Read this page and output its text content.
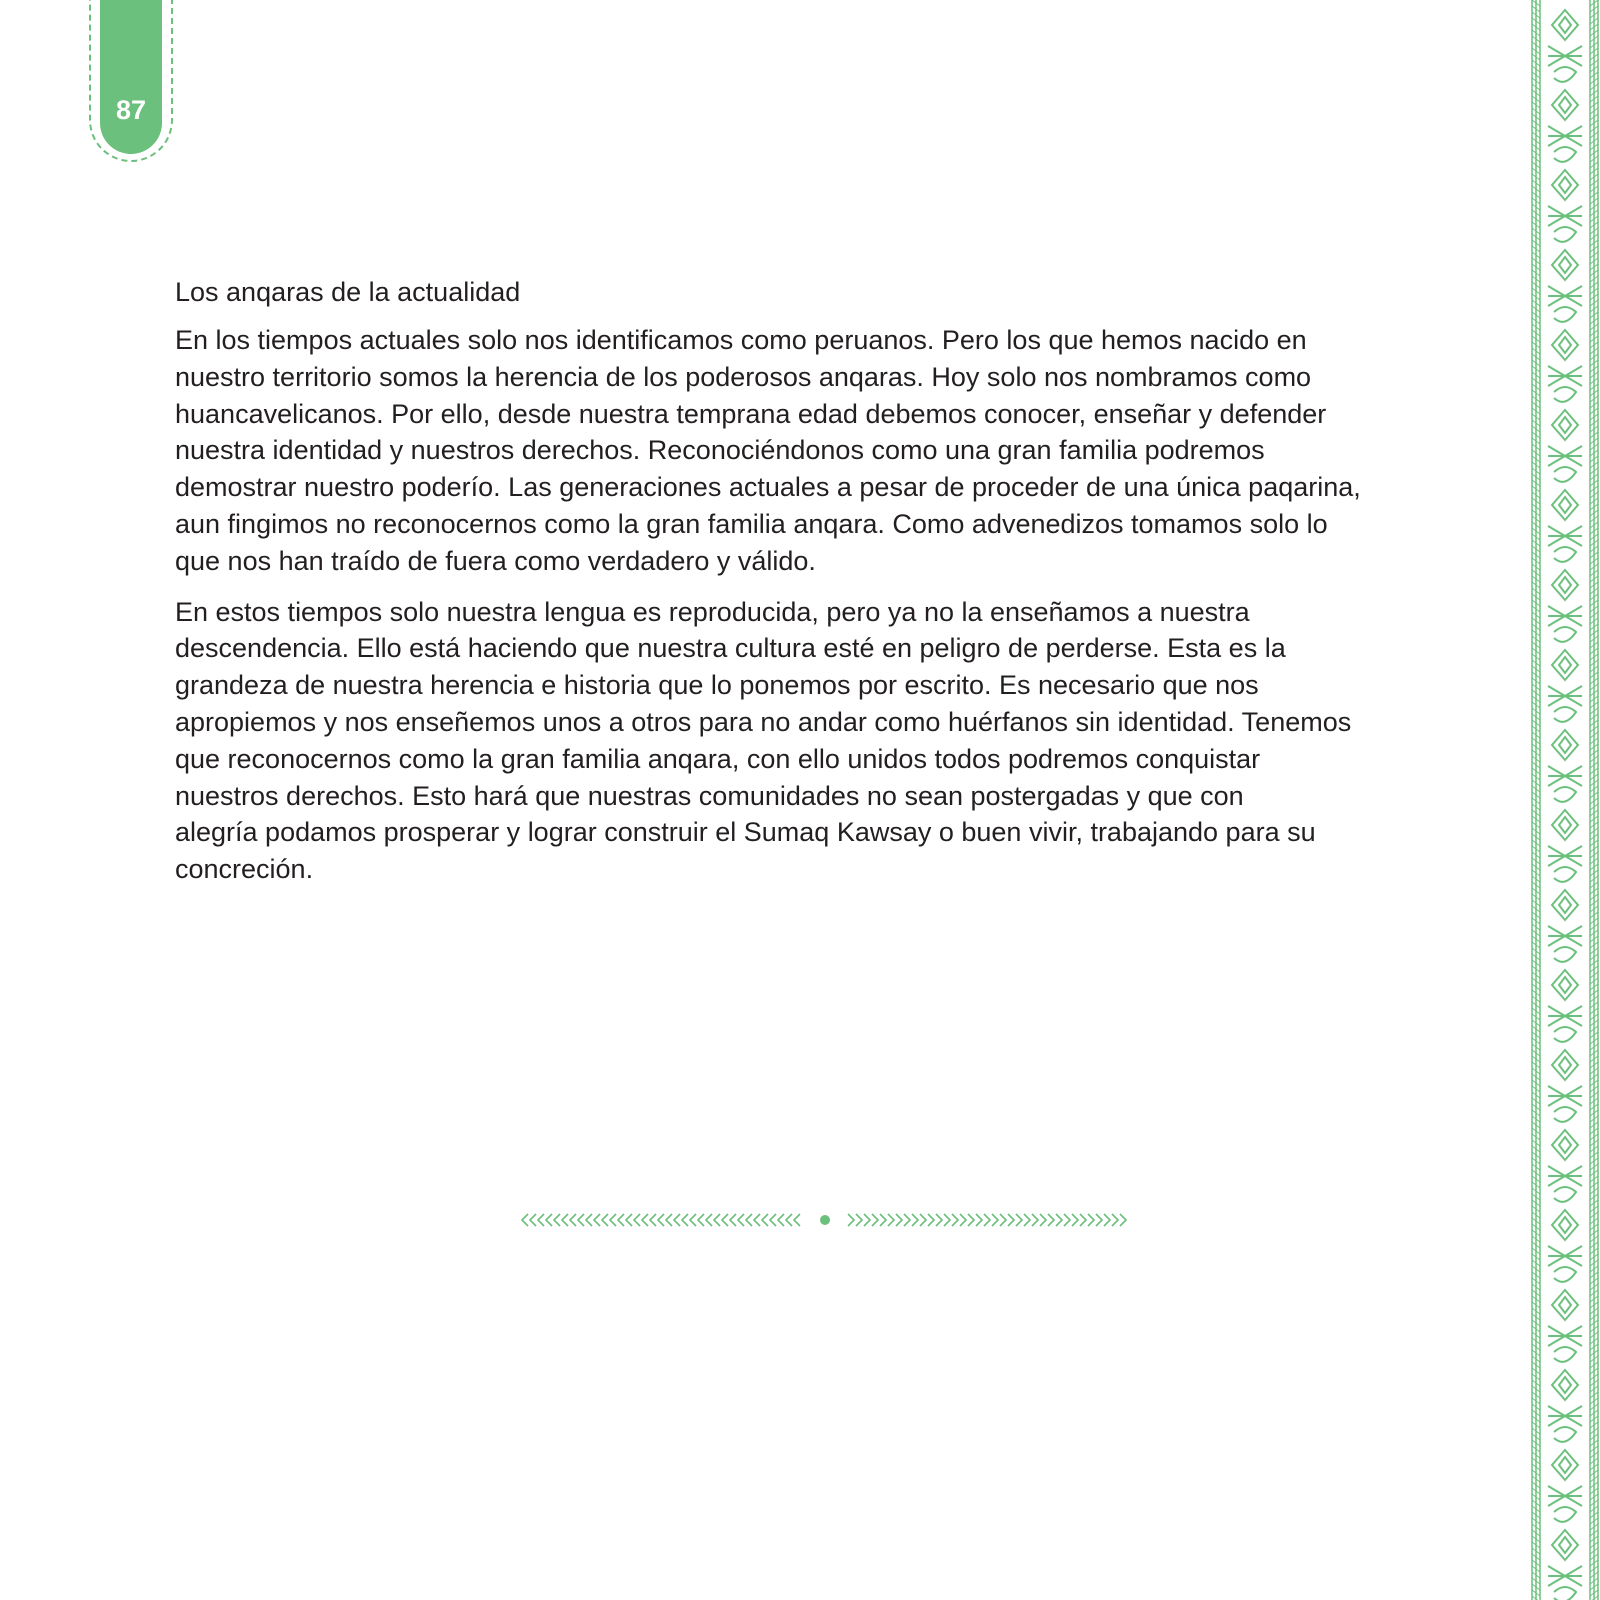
87
Los anqaras de la actualidad

En los tiempos actuales solo nos identificamos como peruanos. Pero los que hemos nacido en
nuestro territorio somos la herencia de los poderosos anqaras. Hoy solo nos nombramos como
huancavelicanos. Por ello, desde nuestra temprana edad debemos conocer, enseñar y defender
nuestra identidad y nuestros derechos. Reconociéndonos como una gran familia podremos
demostrar nuestro poderío. Las generaciones actuales a pesar de proceder de una única paqarina,
aun fingimos no reconocernos como la gran familia anqara. Como advenedizos tomamos solo lo
que nos han traído de fuera como verdadero y válido.

En estos tiempos solo nuestra lengua es reproducida, pero ya no la enseñamos a nuestra
descendencia. Ello está haciendo que nuestra cultura esté en peligro de perderse. Esta es la
grandeza de nuestra herencia e historia que lo ponemos por escrito. Es necesario que nos
apropiemos y nos enseñemos unos a otros para no andar como huérfanos sin identidad. Tenemos
que reconocernos como la gran familia anqara, con ello unidos todos podremos conquistar
nuestros derechos. Esto hará que nuestras comunidades no sean postergadas y que con
alegría podamos prosperar y lograr construir el Sumaq Kawsay o buen vivir, trabajando para su
concreción.
